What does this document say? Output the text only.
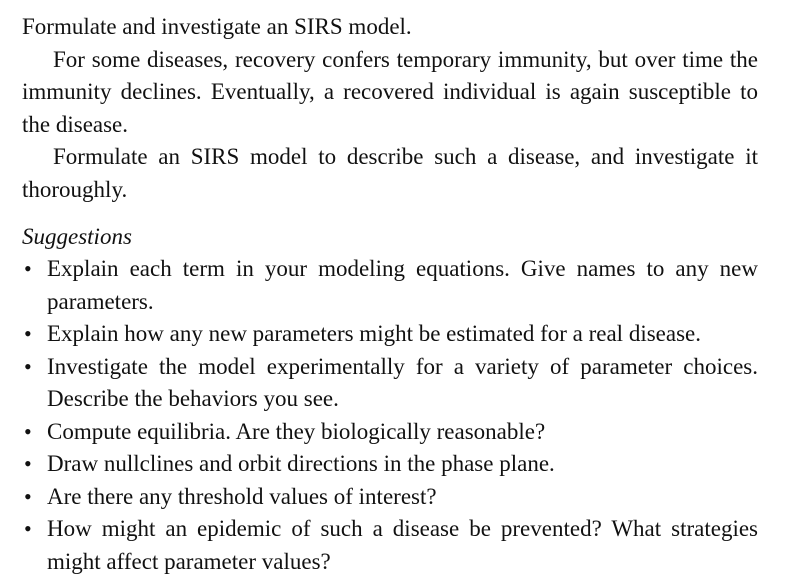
Formulate and investigate an SIRS model.

For some diseases, recovery confers temporary immunity, but over time the immunity declines. Eventually, a recovered individual is again susceptible to the disease.

Formulate an SIRS model to describe such a disease, and investigate it thoroughly.

Suggestions

• Explain each term in your modeling equations. Give names to any new parameters.
• Explain how any new parameters might be estimated for a real disease.
• Investigate the model experimentally for a variety of parameter choices. Describe the behaviors you see.
• Compute equilibria. Are they biologically reasonable?
• Draw nullclines and orbit directions in the phase plane.
• Are there any threshold values of interest?
• How might an epidemic of such a disease be prevented? What strategies might affect parameter values?
